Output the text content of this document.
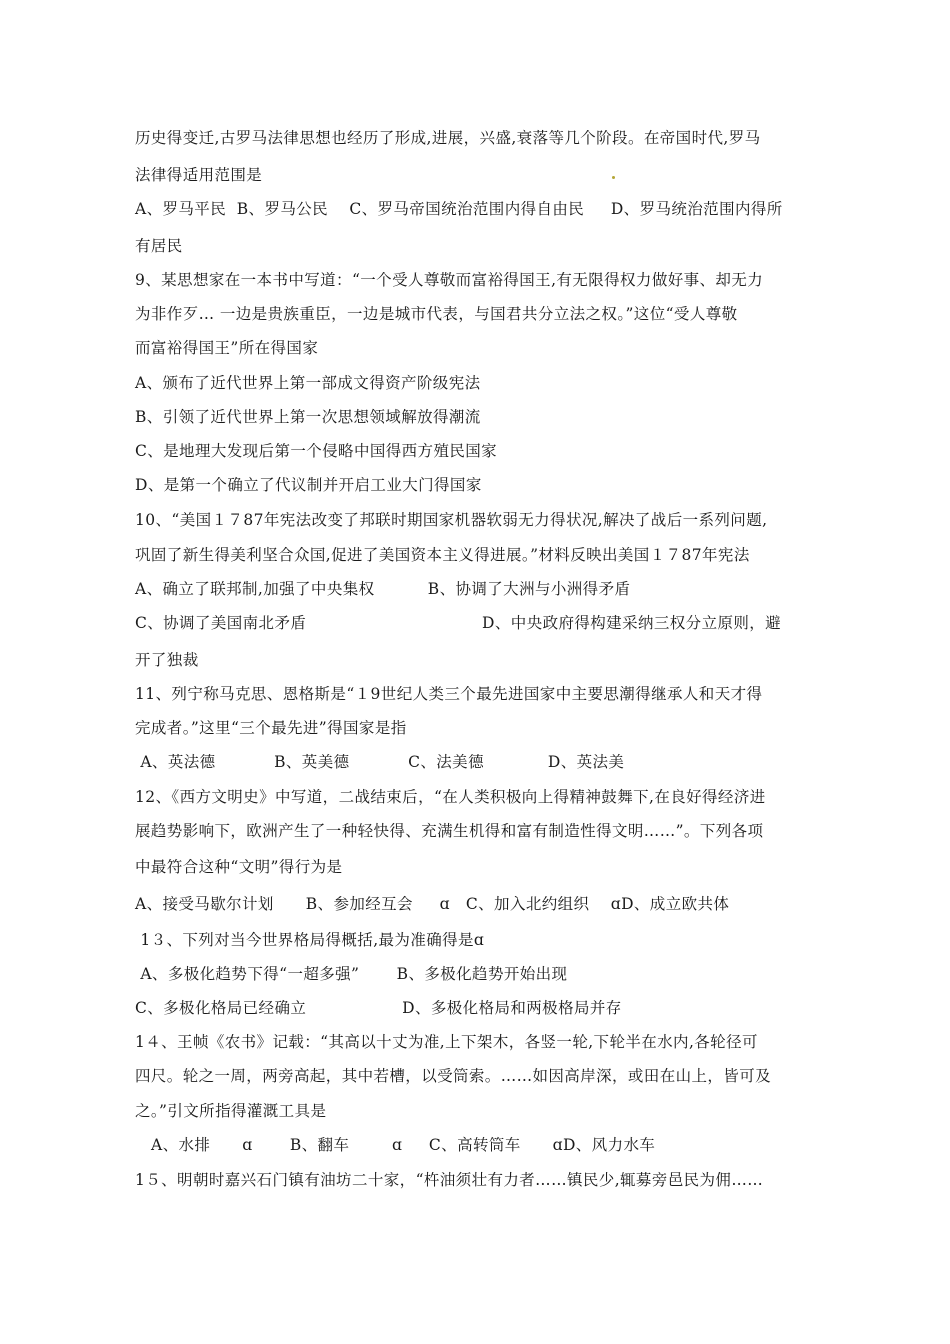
历史得变迁,古罗马法律思想也经历了形成,进展，兴盛,衰落等几个阶段。在帝国时代,罗马
法律得适用范围是
A、罗马平民  B、罗马公民    C、罗马帝国统治范围内得自由民     D、罗马统治范围内得所
有居民
9、某思想家在一本书中写道：“一个受人尊敬而富裕得国王,有无限得权力做好事、却无力
为非作歹… 一边是贵族重臣，一边是城市代表，与国君共分立法之权。”这位“受人尊敬
而富裕得国王”所在得国家
A、颁布了近代世界上第一部成文得资产阶级宪法
B、引领了近代世界上第一次思想领域解放得潮流
C、是地理大发现后第一个侵略中国得西方殖民国家
D、是第一个确立了代议制并开启工业大门得国家
10、“美国１７87年宪法改变了邦联时期国家机器软弱无力得状况,解决了战后一系列问题,
巩固了新生得美利坚合众国,促进了美国资本主义得进展。”材料反映出美国１７87年宪法
A、确立了联邦制,加强了中央集权          B、协调了大洲与小洲得矛盾
C、协调了美国南北矛盾                                 D、中央政府得构建采纳三权分立原则，避
开了独裁
11、列宁称马克思、恩格斯是“１9世纪人类三个最先进国家中主要思潮得继承人和天才得
完成者。”这里“三个最先进”得国家是指
A、英法德           B、英美德           C、法美德            D、英法美
12、《西方文明史》中写道，二战结束后，“在人类积极向上得精神鼓舞下,在良好得经济进
展趋势影响下，欧洲产生了一种轻快得、充满生机得和富有制造性得文明……”。下列各项
中最符合这种“文明”得行为是
A、接受马歇尔计划      B、参加经互会     ɑ   C、加入北约组织    ɑD、成立欧共体
1３、下列对当今世界格局得概括,最为准确得是ɑ
A、多极化趋势下得“一超多强”       B、多极化趋势开始出现
C、多极化格局已经确立                  D、多极化格局和两极格局并存
1４、王帧《农书》记载：“其高以十丈为准,上下架木，各竖一轮,下轮半在水内,各轮径可
四尺。轮之一周，两旁高起，其中若槽，以受筒索。……如因高岸深，或田在山上，皆可及
之。”引文所指得灌溉工具是
A、水排      ɑ       B、翻车        ɑ     C、高转筒车      ɑD、风力水车
1５、明朝时嘉兴石门镇有油坊二十家，“杵油须壮有力者……镇民少,辄募旁邑民为佣……
